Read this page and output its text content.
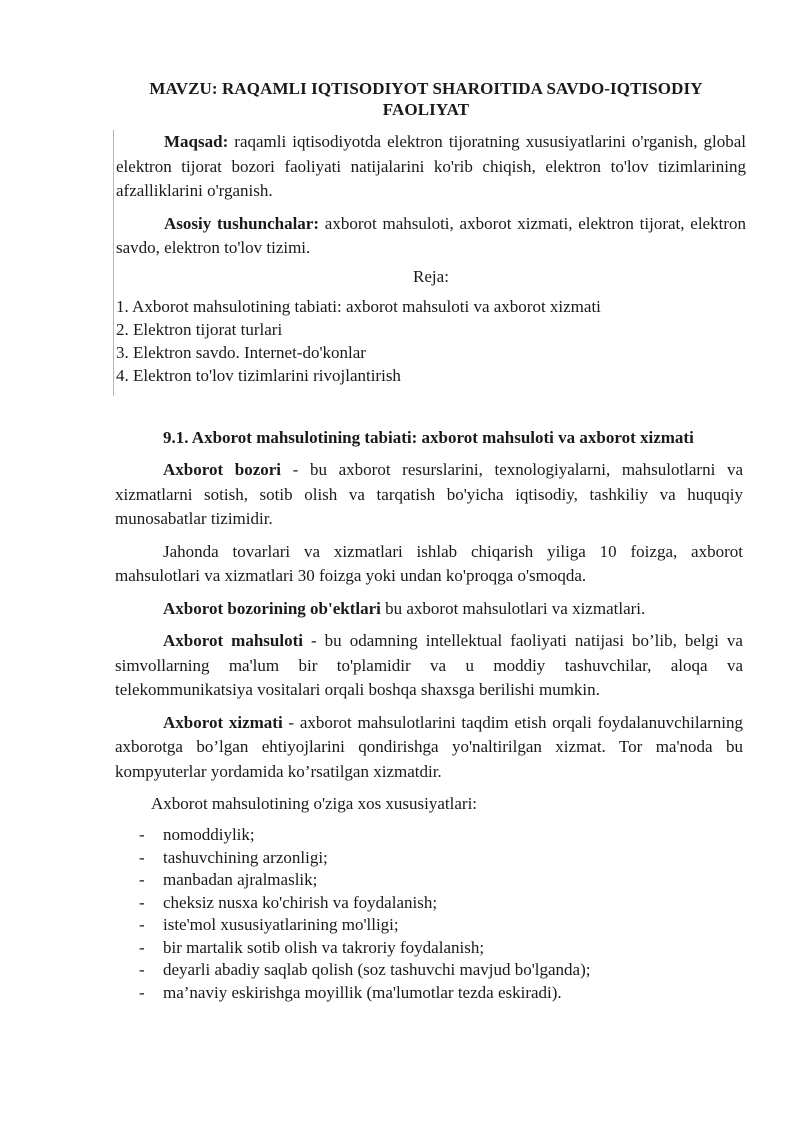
MAVZU: RAQAMLI IQTISODIYOT SHAROITIDA SAVDO-IQTISODIY
FAOLIYAT

Maqsad: raqamli iqtisodiyotda elektron tijoratning xususiyatlarini o'rganish, global elektron tijorat bozori faoliyati natijalarini ko'rib chiqish, elektron to'lov tizimlarining afzalliklarini o'rganish.

Asosiy tushunchalar: axborot mahsuloti, axborot xizmati, elektron tijorat, elektron savdo, elektron to'lov tizimi.

Reja:
1. Axborot mahsulotining tabiati: axborot mahsuloti va axborot xizmati
2. Elektron tijorat turlari
3. Elektron savdo. Internet-do'konlar
4. Elektron to'lov tizimlarini rivojlantirish

9.1. Axborot mahsulotining tabiati: axborot mahsuloti va axborot xizmati

Axborot bozori - bu axborot resurslarini, texnologiyalarni, mahsulotlarni va xizmatlarni sotish, sotib olish va tarqatish bo'yicha iqtisodiy, tashkiliy va huquqiy munosabatlar tizimidir.

Jahonda tovarlari va xizmatlari ishlab chiqarish yiliga 10 foizga, axborot mahsulotlari va xizmatlari 30 foizga yoki undan ko'proqga o'smoqda.

Axborot bozorining ob'ektlari bu axborot mahsulotlari va xizmatlari.

Axborot mahsuloti - bu odamning intellektual faoliyati natijasi bo’lib, belgi va simvollarning ma'lum bir to'plamidir va u moddiy tashuvchilar, aloqa va telekommunikatsiya vositalari orqali boshqa shaxsga berilishi mumkin.

Axborot xizmati - axborot mahsulotlarini taqdim etish orqali foydalanuvchilarning axborotga bo’lgan ehtiyojlarini qondirishga yo'naltirilgan xizmat. Tor ma'noda bu kompyuterlar yordamida ko’rsatilgan xizmatdir.

Axborot mahsulotining o'ziga xos xususiyatlari:
- nomoddiylik;
- tashuvchining arzonligi;
- manbadan ajralmaslik;
- cheksiz nusxa ko'chirish va foydalanish;
- iste'mol xususiyatlarining mo'lligi;
- bir martalik sotib olish va takroriy foydalanish;
- deyarli abadiy saqlab qolish (soz tashuvchi mavjud bo'lganda);
- ma’naviy eskirishga moyillik (ma'lumotlar tezda eskiradi).
